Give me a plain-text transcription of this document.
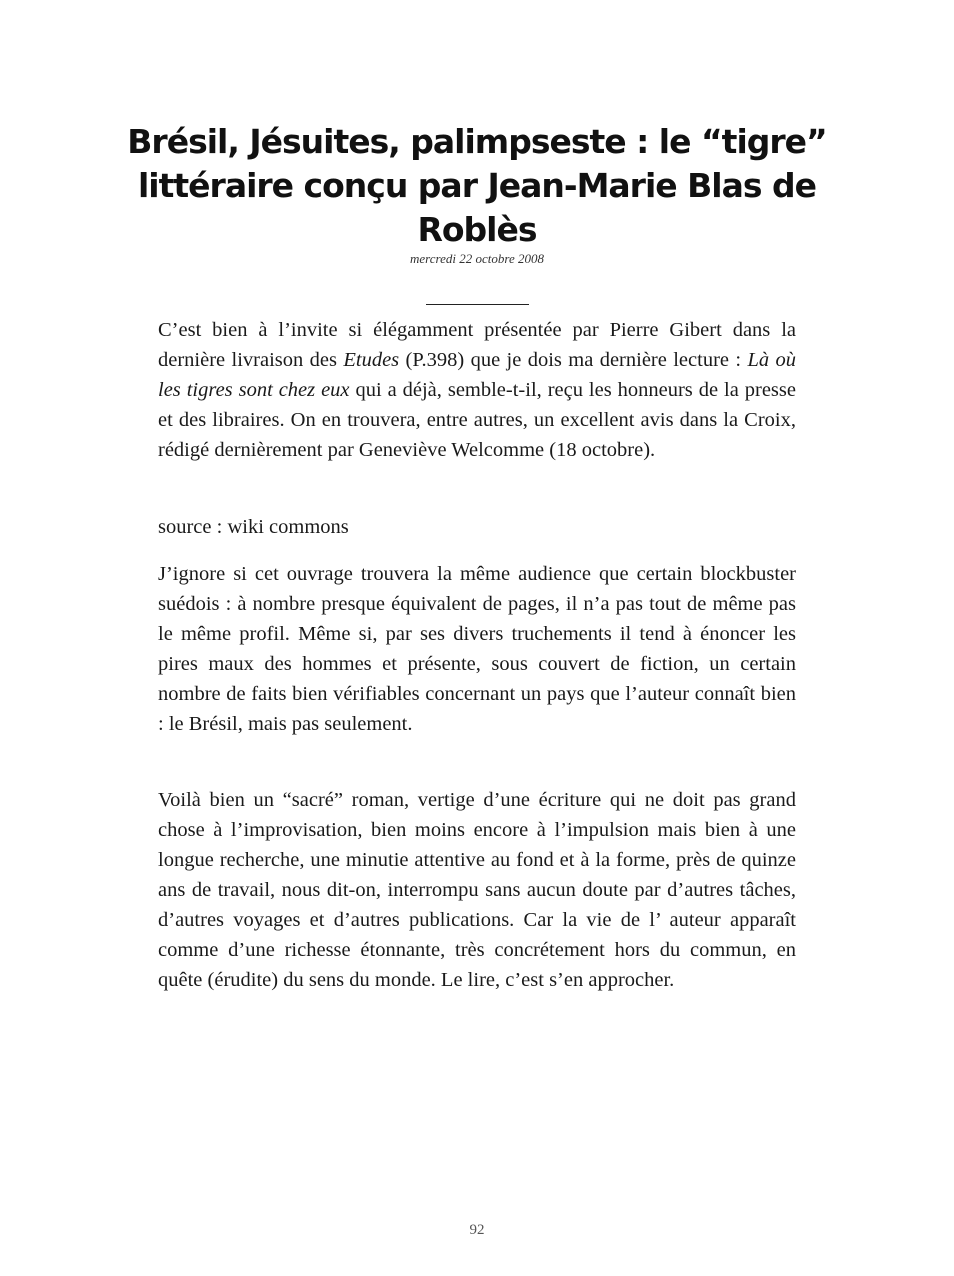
Brésil, Jésuites, palimpseste : le “tigre” littéraire conçu par Jean-Marie Blas de Roblès
mercredi 22 octobre 2008

C’est bien à l’invite si élégamment présentée par Pierre Gibert dans la dernière livraison des Etudes (P.398) que je dois ma dernière lecture : Là où les tigres sont chez eux qui a déjà, semble-t-il, reçu les honneurs de la presse et des libraires. On en trouvera, entre autres, un excellent avis dans la Croix, rédigé dernièrement par Geneviève Welcomme (18 octobre).

source : wiki commons

J’ignore si cet ouvrage trouvera la même audience que certain blockbuster suédois : à nombre presque équivalent de pages, il n’a pas tout de même pas le même profil. Même si, par ses divers truchements il tend à énoncer les pires maux des hommes et présente, sous couvert de fiction, un certain nombre de faits bien vérifiables concernant un pays que l’auteur connaît bien : le Brésil, mais pas seulement.

Voilà bien un “sacré” roman, vertige d’une écriture qui ne doit pas grand chose à l’improvisation, bien moins encore à l’impulsion mais bien à une longue recherche, une minutie attentive au fond et à la forme, près de quinze ans de travail, nous dit-on, interrompu sans aucun doute par d’autres tâches, d’autres voyages et d’autres publications. Car la vie de l’ auteur apparaît comme d’une richesse étonnante, très concrétement hors du commun, en quête (érudite) du sens du monde. Le lire, c’est s’en approcher.

92
